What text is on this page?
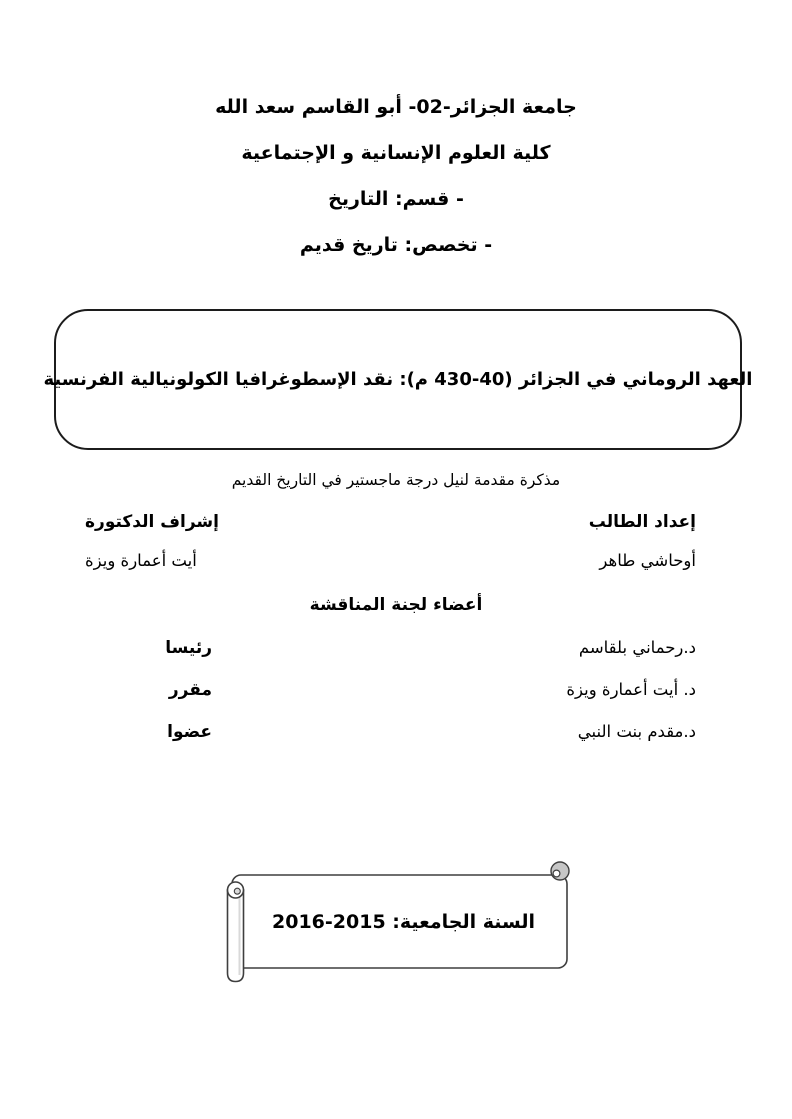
جامعة الجزائر-02- أبو القاسم سعد الله
كلية العلوم الإنسانية و الإجتماعية
- قسم: التاريخ
- تخصص: تاريخ قديم
العهد الروماني في الجزائر (40-430 م): نقد الإسطوغرافيا الكولونيالية الفرنسية
مذكرة مقدمة لنيل درجة ماجستير في التاريخ القديم
إعداد الطالب
إشراف الدكتورة
أوحاشي طاهر
أيت أعمارة ويزة
أعضاء لجنة المناقشة
د.رحماني بلقاسم
رئيسا
د. أيت أعمارة ويزة
مقرر
د.مقدم بنت النبي
عضوا
السنة الجامعية: 2015-2016
